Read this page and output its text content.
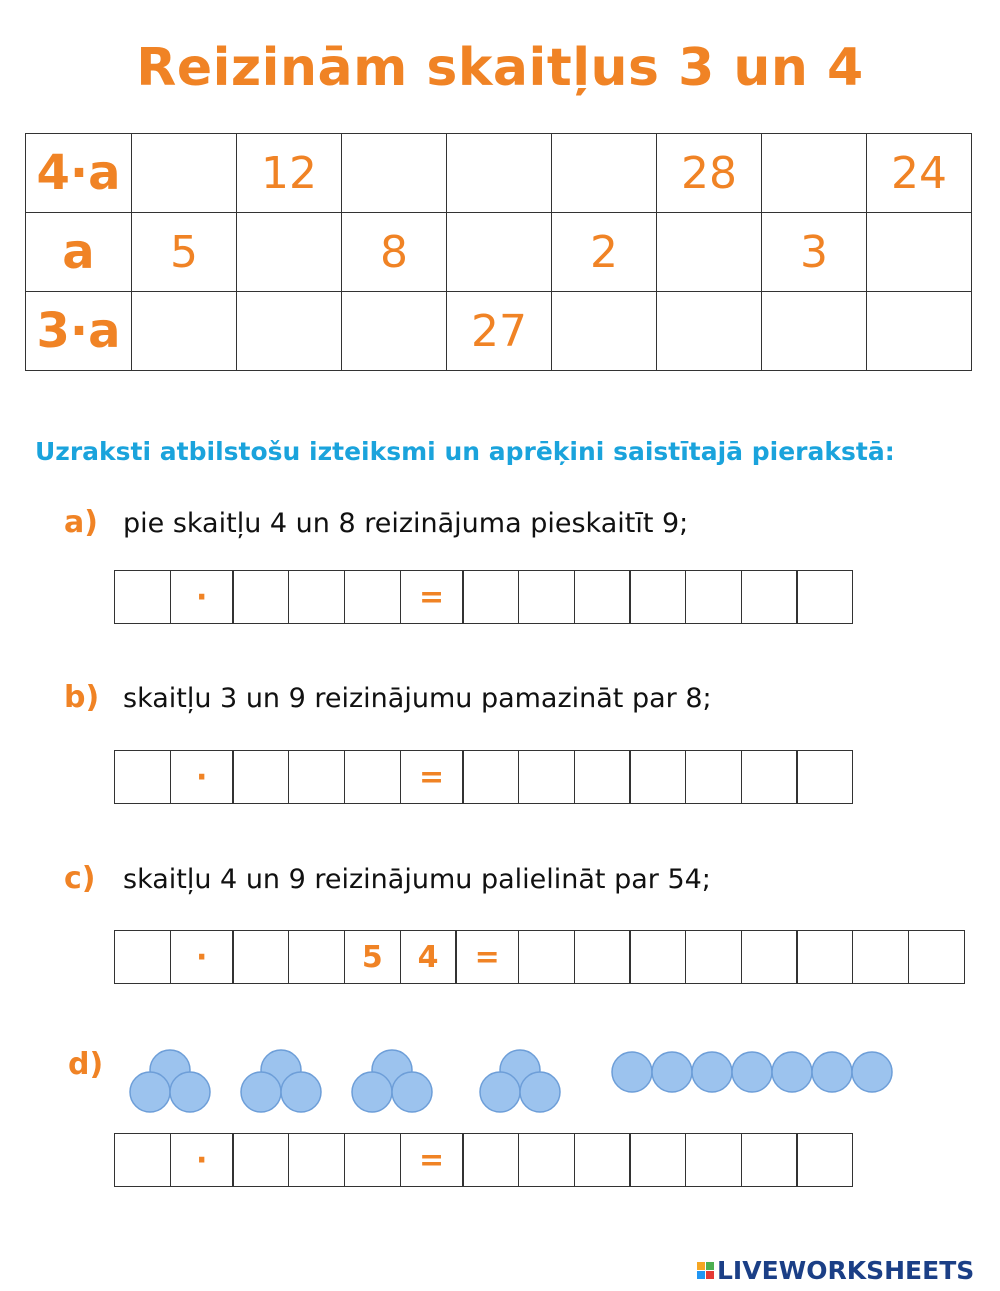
Reizinām skaitļus 3 un 4
4·a		12				28		24
a	5		8		2		3	
3·a				27				
Uzraksti atbilstošu izteiksmi un aprēķini saistītajā pierakstā:
a) pie skaitļu 4 un 8 reizinājuma pieskaitīt 9;
·	=
b) skaitļu 3 un 9 reizinājumu pamazināt par 8;
·	=
c) skaitļu 4 un 9 reizinājumu palielināt par 54;
·	5	4	=
d)
·	=
LIVEWORKSHEETS
